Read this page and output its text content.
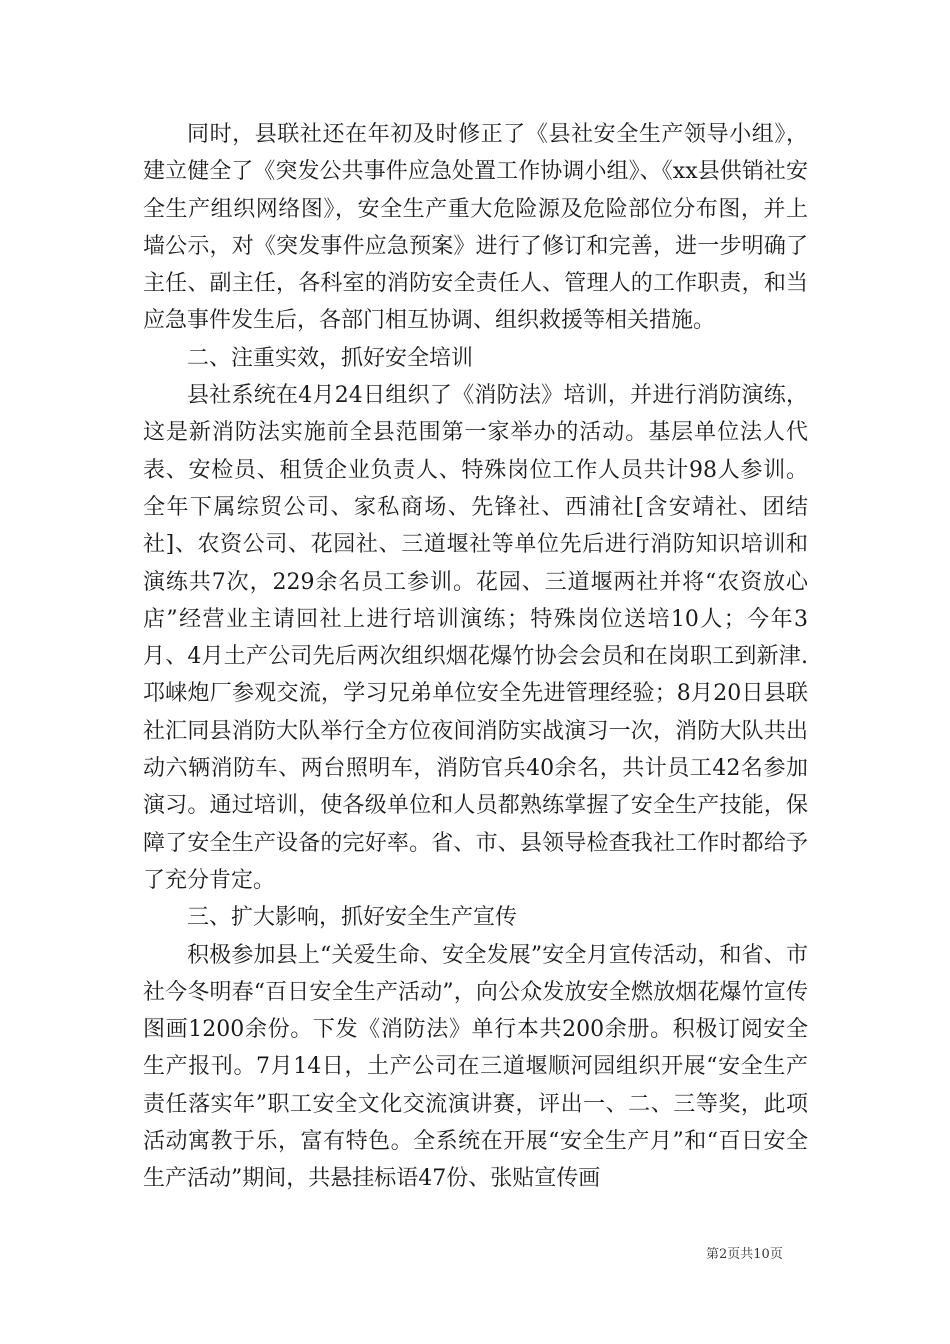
同时，县联社还在年初及时修正了《县社安全生产领导小组》，建立健全了《突发公共事件应急处置工作协调小组》、《xx县供销社安全生产组织网络图》，安全生产重大危险源及危险部位分布图，并上墙公示，对《突发事件应急预案》进行了修订和完善，进一步明确了主任、副主任，各科室的消防安全责任人、管理人的工作职责，和当应急事件发生后，各部门相互协调、组织救援等相关措施。

二、注重实效，抓好安全培训

县社系统在4月24日组织了《消防法》培训，并进行消防演练，这是新消防法实施前全县范围第一家举办的活动。基层单位法人代表、安检员、租赁企业负责人、特殊岗位工作人员共计98人参训。全年下属综贸公司、家私商场、先锋社、西浦社[含安靖社、团结社]、农资公司、花园社、三道堰社等单位先后进行消防知识培训和演练共7次，229余名员工参训。花园、三道堰两社并将“农资放心店”经营业主请回社上进行培训演练；特殊岗位送培10人；今年3月、4月土产公司先后两次组织烟花爆竹协会会员和在岗职工到新津.邛崃炮厂参观交流，学习兄弟单位安全先进管理经验；8月20日县联社汇同县消防大队举行全方位夜间消防实战演习一次，消防大队共出动六辆消防车、两台照明车，消防官兵40余名，共计员工42名参加演习。通过培训，使各级单位和人员都熟练掌握了安全生产技能，保障了安全生产设备的完好率。省、市、县领导检查我社工作时都给予了充分肯定。

三、扩大影响，抓好安全生产宣传

积极参加县上“关爱生命、安全发展”安全月宣传活动，和省、市社今冬明春“百日安全生产活动”，向公众发放安全燃放烟花爆竹宣传图画1200余份。下发《消防法》单行本共200余册。积极订阅安全生产报刊。7月14日，土产公司在三道堰顺河园组织开展“安全生产责任落实年”职工安全文化交流演讲赛，评出一、二、三等奖，此项活动寓教于乐，富有特色。全系统在开展“安全生产月”和“百日安全生产活动”期间，共悬挂标语47份、张贴宣传画

第2页共10页
